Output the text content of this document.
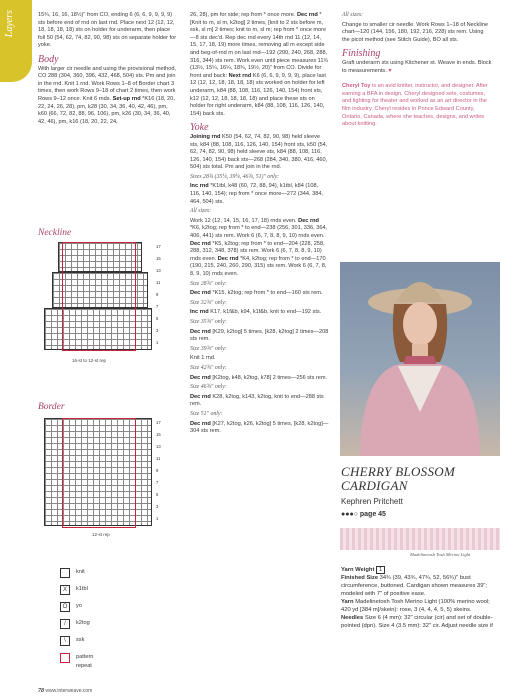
Layers	15¾, 16, 16, 18½)" from CO, ending 6 (6, 6, 9, 9, 9, 9) sts before end of rnd on last rnd. Place next 12 (12, 12, 18, 18, 18, 18) sts on holder for underarm, then place foll 50 (54, 62, 74, 82, 90, 98) sts on separate holder for yoke.

Body

With larger cir needle and using the provisional method, CO 288 (304, 360, 396, 432, 468, 504) sts. Pm and join in the rnd. Knit 1 rnd. Work Rows 1–8 of Border chart 3 times, then work Rows 9–18 of chart 2 times, then work Rows 9–12 once. Knit 6 rnds. Set-up rnd *K16 (18, 20, 22, 24, 26, 28), pm, k28 (30, 34, 36, 40, 42, 46), pm, k60 (66, 72, 82, 88, 96, 106), pm, k26 (30, 34, 36, 40, 42, 46), pm, k16 (18, 20, 22, 24,

26, 28), pm for side; rep from * once more. Dec rnd *[Knit to m, sl m, k2tog] 2 times, [knit to 2 sts before m, ssk, sl m] 2 times; knit to m, sl m; rep from * once more—8 sts dec'd. Rep dec rnd every 14th rnd 11 (12, 14, 15, 17, 18, 19) more times, removing all m except side and beg-of-rnd m on last rnd—192 (200, 240, 268, 288, 316, 344) sts rem. Work even until piece measures 11¾ (13½, 15¼, 16¼, 18¾, 19½, 20)" from CO. Divide for front and back: Next rnd K6 (6, 6, 9, 9, 9, 9), place last 12 (12, 12, 18, 18, 18, 18) sts worked on holder for left underarm, k84 (88, 108, 116, 126, 140, 154) front sts, k12 (12, 12, 18, 18, 18, 18) and place these sts on holder for right underarm, k84 (88, 108, 116, 126, 140, 154) back sts.

Yoke

Joining rnd K50 (54, 62, 74, 82, 90, 98) held sleeve sts, k84 (88, 108, 116, 126, 140, 154) front sts, k50 (54, 62, 74, 82, 90, 98) held sleeve sts, k84 (88, 108, 116, 126, 140, 154) back sts—268 (284, 340, 380, 416, 460, 504) sts total. Pm and join in the rnd.

Sizes 28¾ (35¼, 39¼, 46¾, 51)" only:

Inc rnd *K1tbl, k48 (60, 72, 88, 94), k1tbl, k84 (108, 116, 140, 154); rep from * once more—272 (344, 384, 464, 504) sts.

All sizes:

Work 12 (12, 14, 15, 16, 17, 18) rnds even. Dec rnd *K6, k2tog; rep from * to end—238 (256, 301, 336, 364, 406, 441) sts rem. Work 6 (6, 7, 8, 8, 9, 10) rnds even. Dec rnd *K5, k2tog; rep from * to end—204 (228, 258, 288, 312, 348, 378) sts rem. Work 6 (6, 7, 8, 8, 9, 10) rnds even. Dec rnd *K4, k2tog; rep from * to end—170 (190, 215, 240, 260, 290, 315) sts rem. Work 6 (6, 7, 8, 8, 9, 10) rnds even.

Size 28¾" only:

Dec rnd *K15, k2tog; rep from * to end—160 sts rem.

Size 32¾" only:

Inc rnd K17, k1f&b, k94, k1f&b, knit to end—192 sts.

Size 35¾" only:

Dec rnd [K29, k2tog] 5 times, [k28, k2tog] 2 times—208 sts rem.

Size 39¾" only:

Knit 1 rnd.

Size 42¾" only:

Dec rnd [K2tog, k48, k2tog, k78] 2 times—256 sts rem.

Size 46¾" only:

Dec rnd K28, k2tog, k143, k2tog, knit to end—288 sts rem.

Size 51" only:

Dec rnd [K27, k2tog, k26, k2tog] 5 times, [k28, k2tog]—304 sts rem.

All sizes:

Change to smaller cir needle. Work Rows 1–18 of Neckline chart—120 (144, 156, 180, 192, 216, 228) sts rem. Using the picot method (see Stitch Guide), BO all sts.

Finishing

Graft underarm sts using Kitchener st. Weave in ends. Block to measurements. ♥

Cheryl Toy is an avid knitter, instructor, and designer. After earning a BFA in design, Cheryl designed sets, costumes, and lighting for theater and worked as an art director in the film industry. Cheryl resides in Prince Edward County, Ontario, Canada, where she teaches, designs, and writes about knitting.

Neckline
17
15
13
11
9
7
5
3
1
16-st to 12-st rep
Border
17
15
13
11
9
7
5
3
1
12-st rep
knit
X	k1tbl
O	yo
/	k2tog
\	ssk
pattern repeat
CHERRY BLOSSOM CARDIGAN
Kephren Pritchett
●●●○ page 45
Madelinetosh Tosh Merino Light

Yarn Weight 1

Finished Size 34¾ (39, 43¾, 47¾, 52, 56¾)" bust circumference, buttoned. Cardigan shown measures 39"; modeled with 7" of positive ease.

Yarn Madelinetosh Tosh Merino Light (100% merino wool; 420 yd [384 m]/skein): rose, 3 (4, 4, 4, 5, 5) skeins.

Needles Size 6 (4 mm): 32" circular (cir) and set of double-pointed (dpn). Size 4 (3.5 mm): 32" cir. Adjust needle size if

78 www.interweave.com
